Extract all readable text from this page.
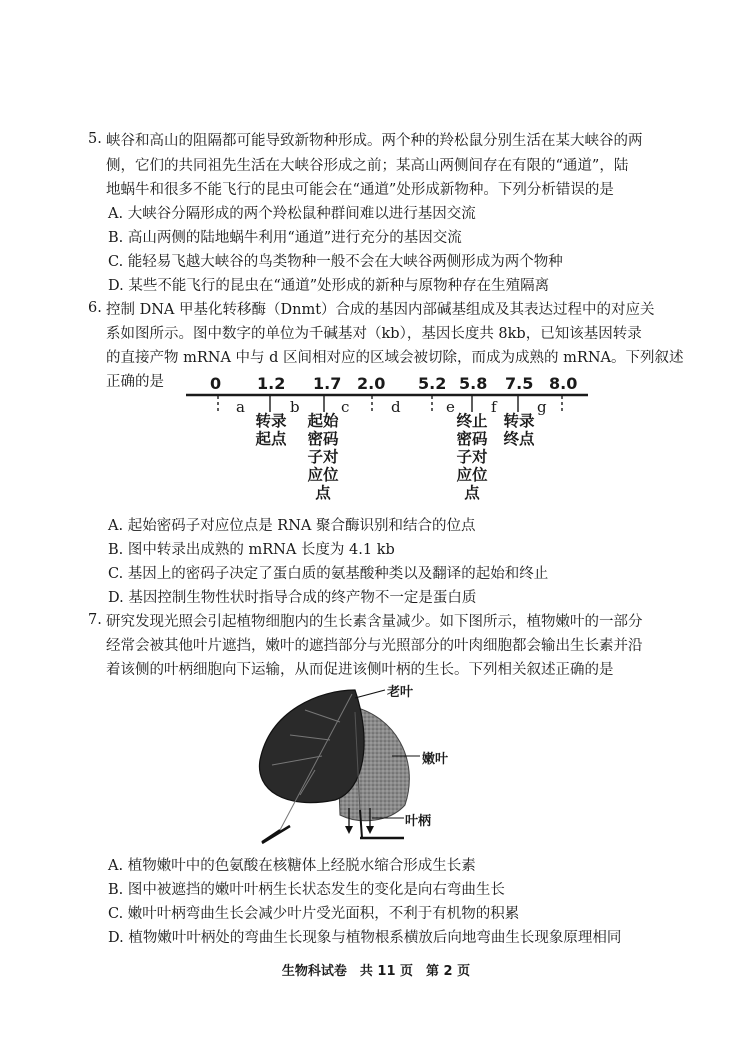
5. 峡谷和高山的阻隔都可能导致新物种形成。两个种的羚松鼠分别生活在某大峡谷的两
侧，它们的共同祖先生活在大峡谷形成之前；某高山两侧间存在有限的“通道”，陆
地蜗牛和很多不能飞行的昆虫可能会在“通道”处形成新物种。下列分析错误的是
A. 大峡谷分隔形成的两个羚松鼠种群间难以进行基因交流
B. 高山两侧的陆地蜗牛利用“通道”进行充分的基因交流
C. 能轻易飞越大峡谷的鸟类物种一般不会在大峡谷两侧形成为两个物种
D. 某些不能飞行的昆虫在“通道”处形成的新种与原物种存在生殖隔离
6. 控制 DNA 甲基化转移酶（Dnmt）合成的基因内部碱基组成及其表达过程中的对应关
系如图所示。图中数字的单位为千碱基对（kb），基因长度共 8kb，已知该基因转录
的直接产物 mRNA 中与 d 区间相对应的区域会被切除，而成为成熟的 mRNA。下列叙述
正确的是	0 1.2 1.7 2.0 5.2 5.8 7.5 8.0
a	b	c	d	e f	g
转录起点
起始密码子对应位点
终止密码子对应位点
转录终点
A. 起始密码子对应位点是 RNA 聚合酶识别和结合的位点
B. 图中转录出成熟的 mRNA 长度为 4.1 kb
C. 基因上的密码子决定了蛋白质的氨基酸种类以及翻译的起始和终止
D. 基因控制生物性状时指导合成的终产物不一定是蛋白质
7. 研究发现光照会引起植物细胞内的生长素含量减少。如下图所示，植物嫩叶的一部分
经常会被其他叶片遮挡，嫩叶的遮挡部分与光照部分的叶肉细胞都会输出生长素并沿
着该侧的叶柄细胞向下运输，从而促进该侧叶柄的生长。下列相关叙述正确的是
老叶
嫩叶
叶柄
A. 植物嫩叶中的色氨酸在核糖体上经脱水缩合形成生长素
B. 图中被遮挡的嫩叶叶柄生长状态发生的变化是向右弯曲生长
C. 嫩叶叶柄弯曲生长会减少叶片受光面积，不利于有机物的积累
D. 植物嫩叶叶柄处的弯曲生长现象与植物根系横放后向地弯曲生长现象原理相同
生物科试卷　共 11 页　第 2 页
